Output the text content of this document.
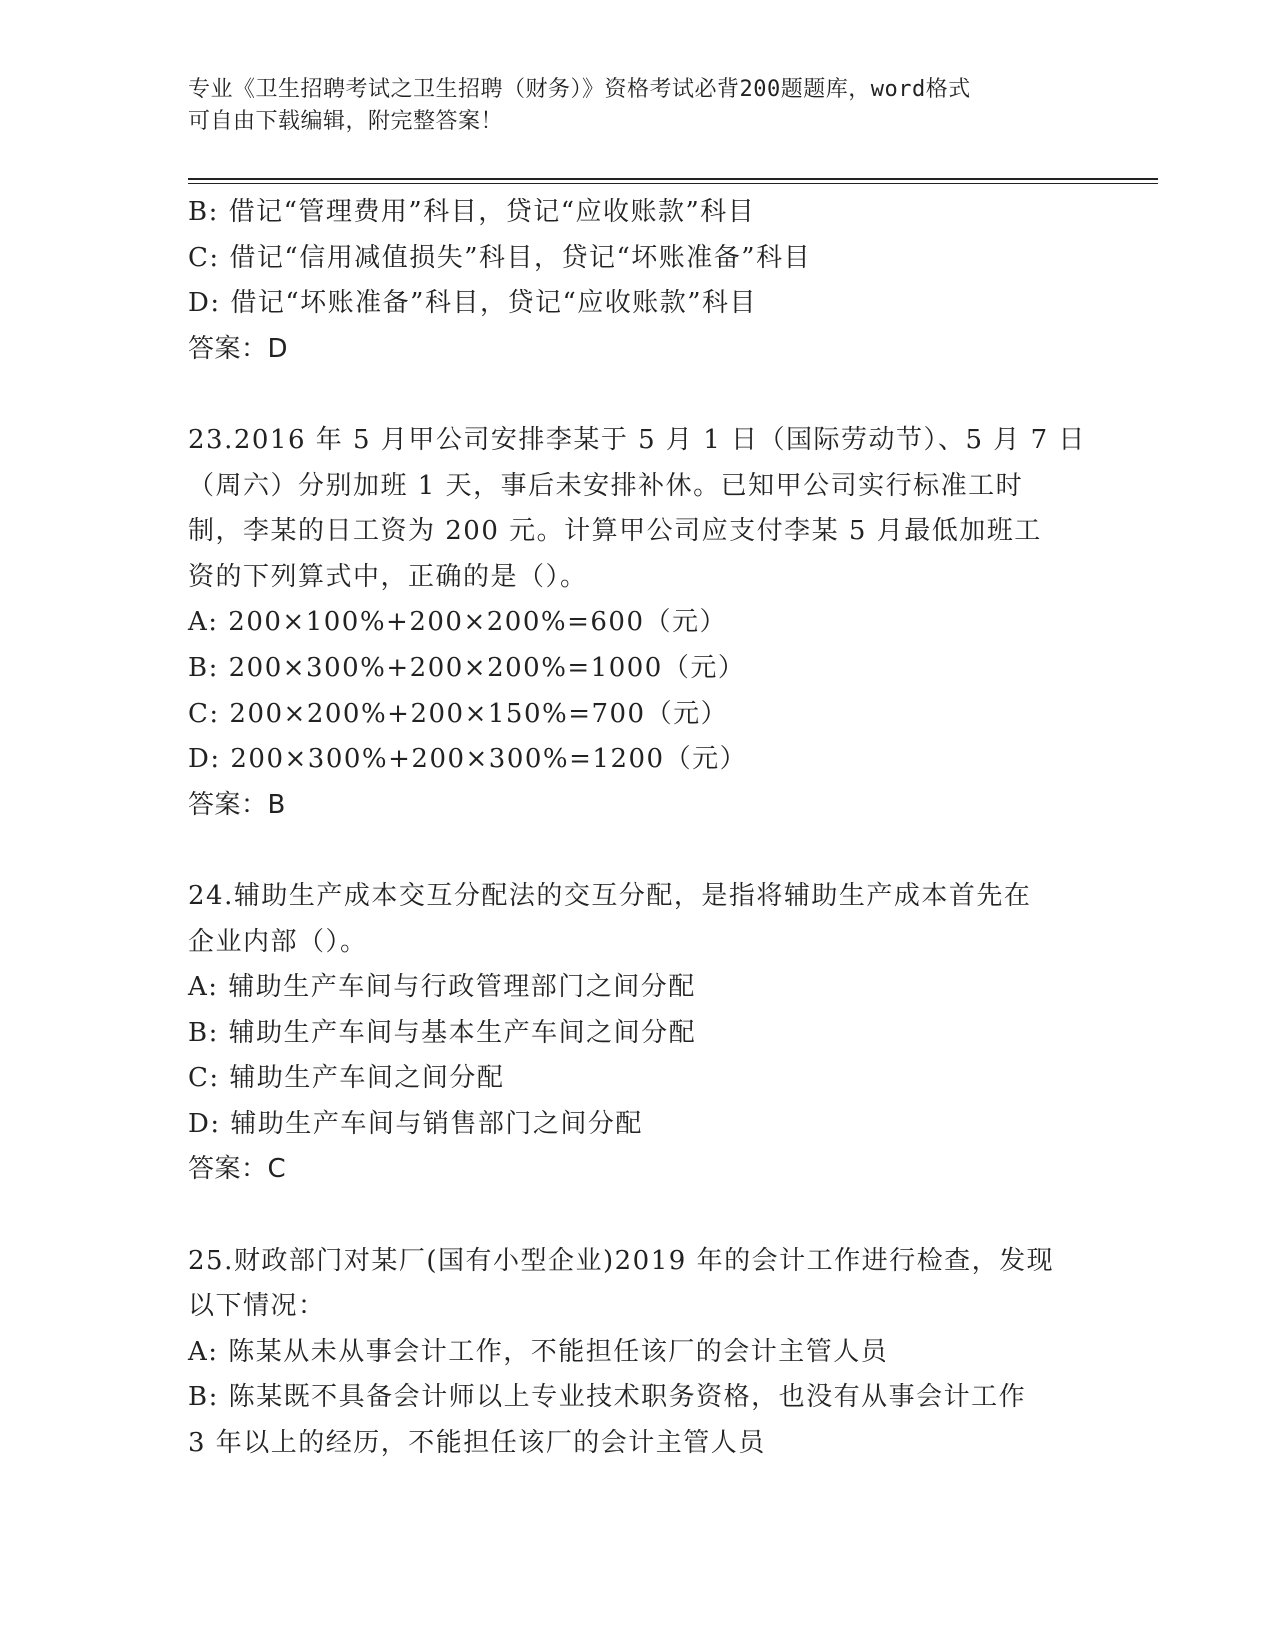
专业《卫生招聘考试之卫生招聘（财务）》资格考试必背200题题库，word格式

可自由下载编辑，附完整答案！

B: 借记“管理费用”科目，贷记“应收账款”科目

C: 借记“信用减值损失”科目，贷记“坏账准备”科目

D: 借记“坏账准备”科目，贷记“应收账款”科目

答案：D

23.2016 年 5 月甲公司安排李某于 5 月 1 日（国际劳动节）、5 月 7 日

（周六）分别加班 1 天，事后未安排补休。已知甲公司实行标准工时

制，李某的日工资为 200 元。计算甲公司应支付李某 5 月最低加班工

资的下列算式中，正确的是（）。

A: 200×100%+200×200%=600（元）

B: 200×300%+200×200%=1000（元）

C: 200×200%+200×150%=700（元）

D: 200×300%+200×300%=1200（元）

答案：B

24.辅助生产成本交互分配法的交互分配，是指将辅助生产成本首先在

企业内部（）。

A: 辅助生产车间与行政管理部门之间分配

B: 辅助生产车间与基本生产车间之间分配

C: 辅助生产车间之间分配

D: 辅助生产车间与销售部门之间分配

答案：C

25.财政部门对某厂(国有小型企业)2019 年的会计工作进行检查，发现

以下情况：

A: 陈某从未从事会计工作，不能担任该厂的会计主管人员

B: 陈某既不具备会计师以上专业技术职务资格，也没有从事会计工作

3 年以上的经历，不能担任该厂的会计主管人员
